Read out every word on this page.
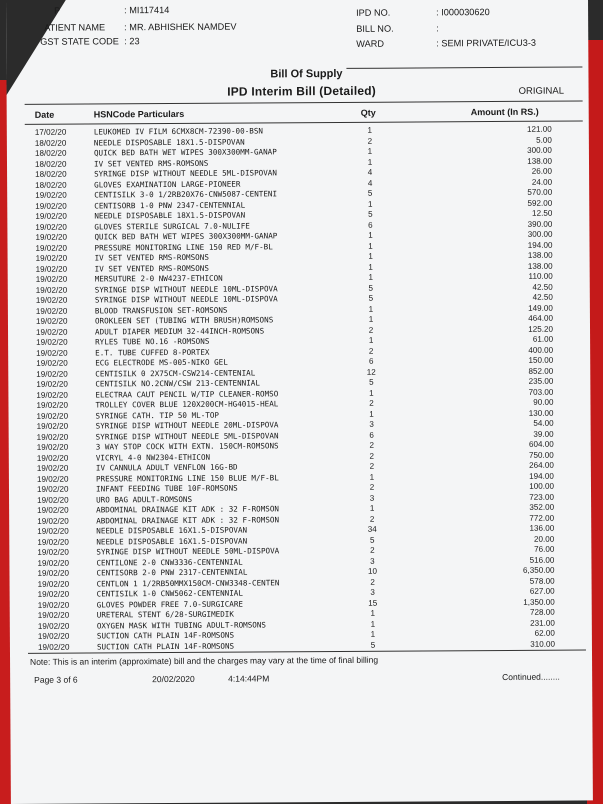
P	: MI117414
ATIENT NAME : MR. ABHISHEK NAMDEV
GST STATE CODE : 23
IPD NO.	: I000030620
BILL NO.	:
WARD	: SEMI PRIVATE/ICU3-3
Bill Of Supply
IPD Interim Bill (Detailed)	ORIGINAL
Date	HSNCode Particulars	Qty	Amount (In RS.)
17/02/20	LEUKOMED IV FILM 6CMX8CM-72390-00-BSN	1	121.00
18/02/20	NEEDLE DISPOSABLE 18X1.5-DISPOVAN	2	5.00
18/02/20	QUICK BED BATH WET WIPES 300X300MM-GANAP	1	300.00
18/02/20	IV SET VENTED RMS-ROMSONS	1	138.00
18/02/20	SYRINGE DISP WITHOUT NEEDLE 5ML-DISPOVAN	4	26.00
18/02/20	GLOVES EXAMINATION LARGE-PIONEER	4	24.00
19/02/20	CENTISILK 3-0 1/2RB20X76-CNW5087-CENTENI	5	570.00
19/02/20	CENTISORB 1-0 PNW 2347-CENTENNIAL	1	592.00
19/02/20	NEEDLE DISPOSABLE 18X1.5-DISPOVAN	5	12.50
19/02/20	GLOVES STERILE SURGICAL 7.0-NULIFE	6	390.00
19/02/20	QUICK BED BATH WET WIPES 300X300MM-GANAP	1	300.00
19/02/20	PRESSURE MONITORING LINE 150 RED M/F-BL	1	194.00
19/02/20	IV SET VENTED RMS-ROMSONS	1	138.00
19/02/20	IV SET VENTED RMS-ROMSONS	1	138.00
19/02/20	MERSUTURE 2-0 NW4237-ETHICON	1	110.00
19/02/20	SYRINGE DISP WITHOUT NEEDLE 10ML-DISPOVA	5	42.50
19/02/20	SYRINGE DISP WITHOUT NEEDLE 10ML-DISPOVA	5	42.50
19/02/20	BLOOD TRANSFUSION SET-ROMSONS	1	149.00
19/02/20	OROKLEEN SET (TUBING WITH BRUSH)ROMSONS	1	464.00
19/02/20	ADULT DIAPER MEDIUM 32-44INCH-ROMSONS	2	125.20
19/02/20	RYLES TUBE NO.16 -ROMSONS	1	61.00
19/02/20	E.T. TUBE CUFFED 8-PORTEX	2	400.00
19/02/20	ECG ELECTRODE MS-005-NIKO GEL	6	150.00
19/02/20	CENTISILK 0 2X75CM-CSW214-CENTENIAL	12	852.00
19/02/20	CENTISILK NO.2CNW/CSW 213-CENTENNIAL	5	235.00
19/02/20	ELECTRAA CAUT PENCIL W/TIP CLEANER-ROMSO	1	703.00
19/02/20	TROLLEY COVER BLUE 120X200CM-HG4015-HEAL	2	90.00
19/02/20	SYRINGE CATH. TIP 50 ML-TOP	1	130.00
19/02/20	SYRINGE DISP WITHOUT NEEDLE 20ML-DISPOVA	3	54.00
19/02/20	SYRINGE DISP WITHOUT NEEDLE 5ML-DISPOVAN	6	39.00
19/02/20	3 WAY STOP COCK WITH EXTN. 150CM-ROMSONS	2	604.00
19/02/20	VICRYL 4-0 NW2304-ETHICON	2	750.00
19/02/20	IV CANNULA ADULT VENFLON 16G-BD	2	264.00
19/02/20	PRESSURE MONITORING LINE 150 BLUE M/F-BL	1	194.00
19/02/20	INFANT FEEDING TUBE 10F-ROMSONS	2	100.00
19/02/20	URO BAG ADULT-ROMSONS	3	723.00
19/02/20	ABDOMINAL DRAINAGE KIT ADK : 32 F-ROMSON	1	352.00
19/02/20	ABDOMINAL DRAINAGE KIT ADK : 32 F-ROMSON	2	772.00
19/02/20	NEEDLE DISPOSABLE 16X1.5-DISPOVAN	34	136.00
19/02/20	NEEDLE DISPOSABLE 16X1.5-DISPOVAN	5	20.00
19/02/20	SYRINGE DISP WITHOUT NEEDLE 50ML-DISPOVA	2	76.00
19/02/20	CENTILONE 2-0 CNW3336-CENTENNIAL	3	516.00
19/02/20	CENTISORB 2-0 PNW 2317-CENTENNIAL	10	6,350.00
19/02/20	CENTLON 1 1/2RB50MMX150CM-CNW3348-CENTEN	2	578.00
19/02/20	CENTISILK 1-0 CNW5062-CENTENNIAL	3	627.00
19/02/20	GLOVES POWDER FREE 7.0-SURGICARE	15	1,350.00
19/02/20	URETERAL STENT 6/28-SURGIMEDIK	1	728.00
19/02/20	OXYGEN MASK WITH TUBING ADULT-ROMSONS	1	231.00
19/02/20	SUCTION CATH PLAIN 14F-ROMSONS	1	62.00
19/02/20	SUCTION CATH PLAIN 14F-ROMSONS	5	310.00
Note: This is an interim (approximate) bill and the charges may vary at the time of final billing
Page 3 of 6	20/02/2020	4:14:44PM	Continued........
